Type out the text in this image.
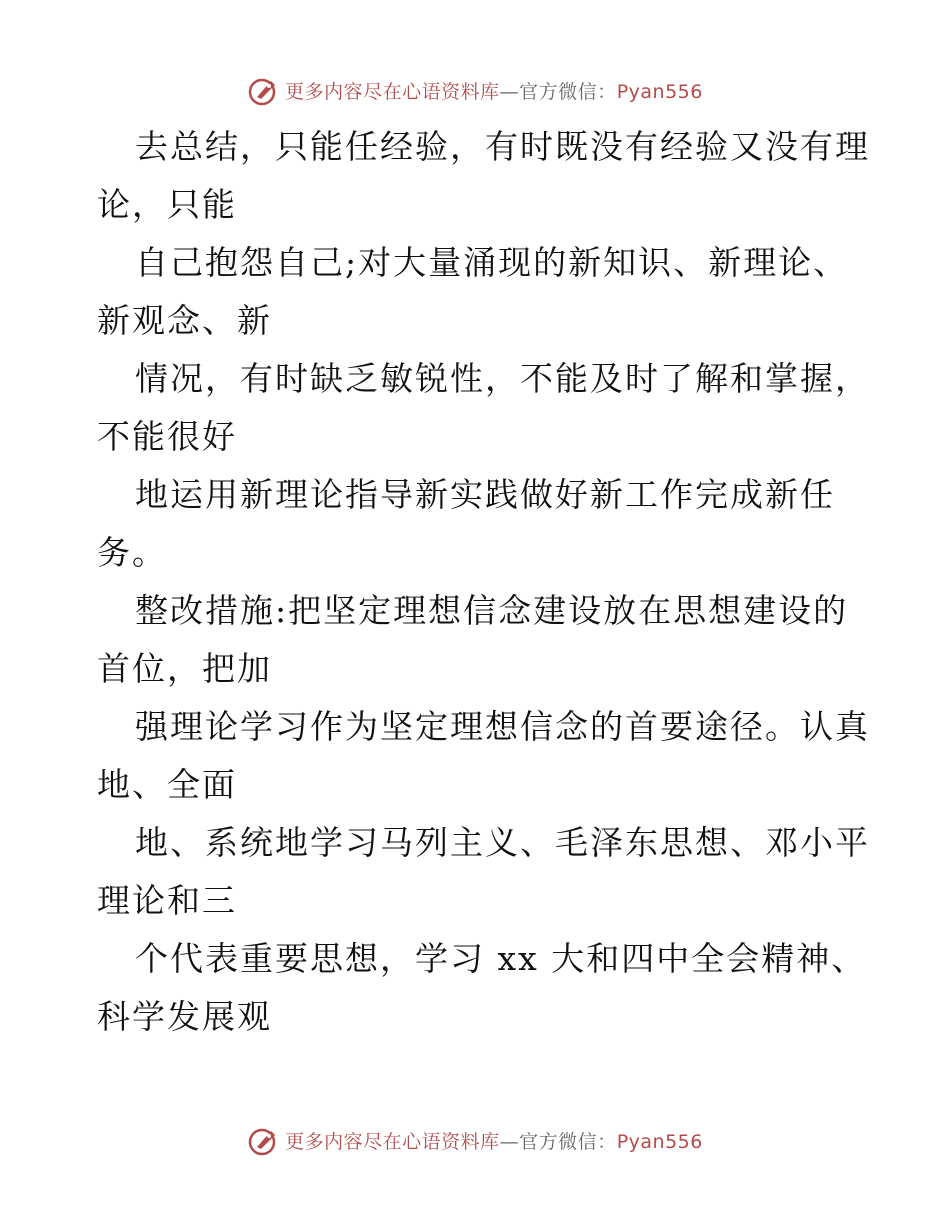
更多内容尽在心语资料库—官方微信：Pyan556
去总结，只能任经验，有时既没有经验又没有理
论，只能
自己抱怨自己;对大量涌现的新知识、新理论、
新观念、新
情况，有时缺乏敏锐性，不能及时了解和掌握，
不能很好
地运用新理论指导新实践做好新工作完成新任
务。
整改措施:把坚定理想信念建设放在思想建设的
首位，把加
强理论学习作为坚定理想信念的首要途径。认真
地、全面
地、系统地学习马列主义、毛泽东思想、邓小平
理论和三
个代表重要思想，学习 xx 大和四中全会精神、
科学发展观
更多内容尽在心语资料库—官方微信：Pyan556
